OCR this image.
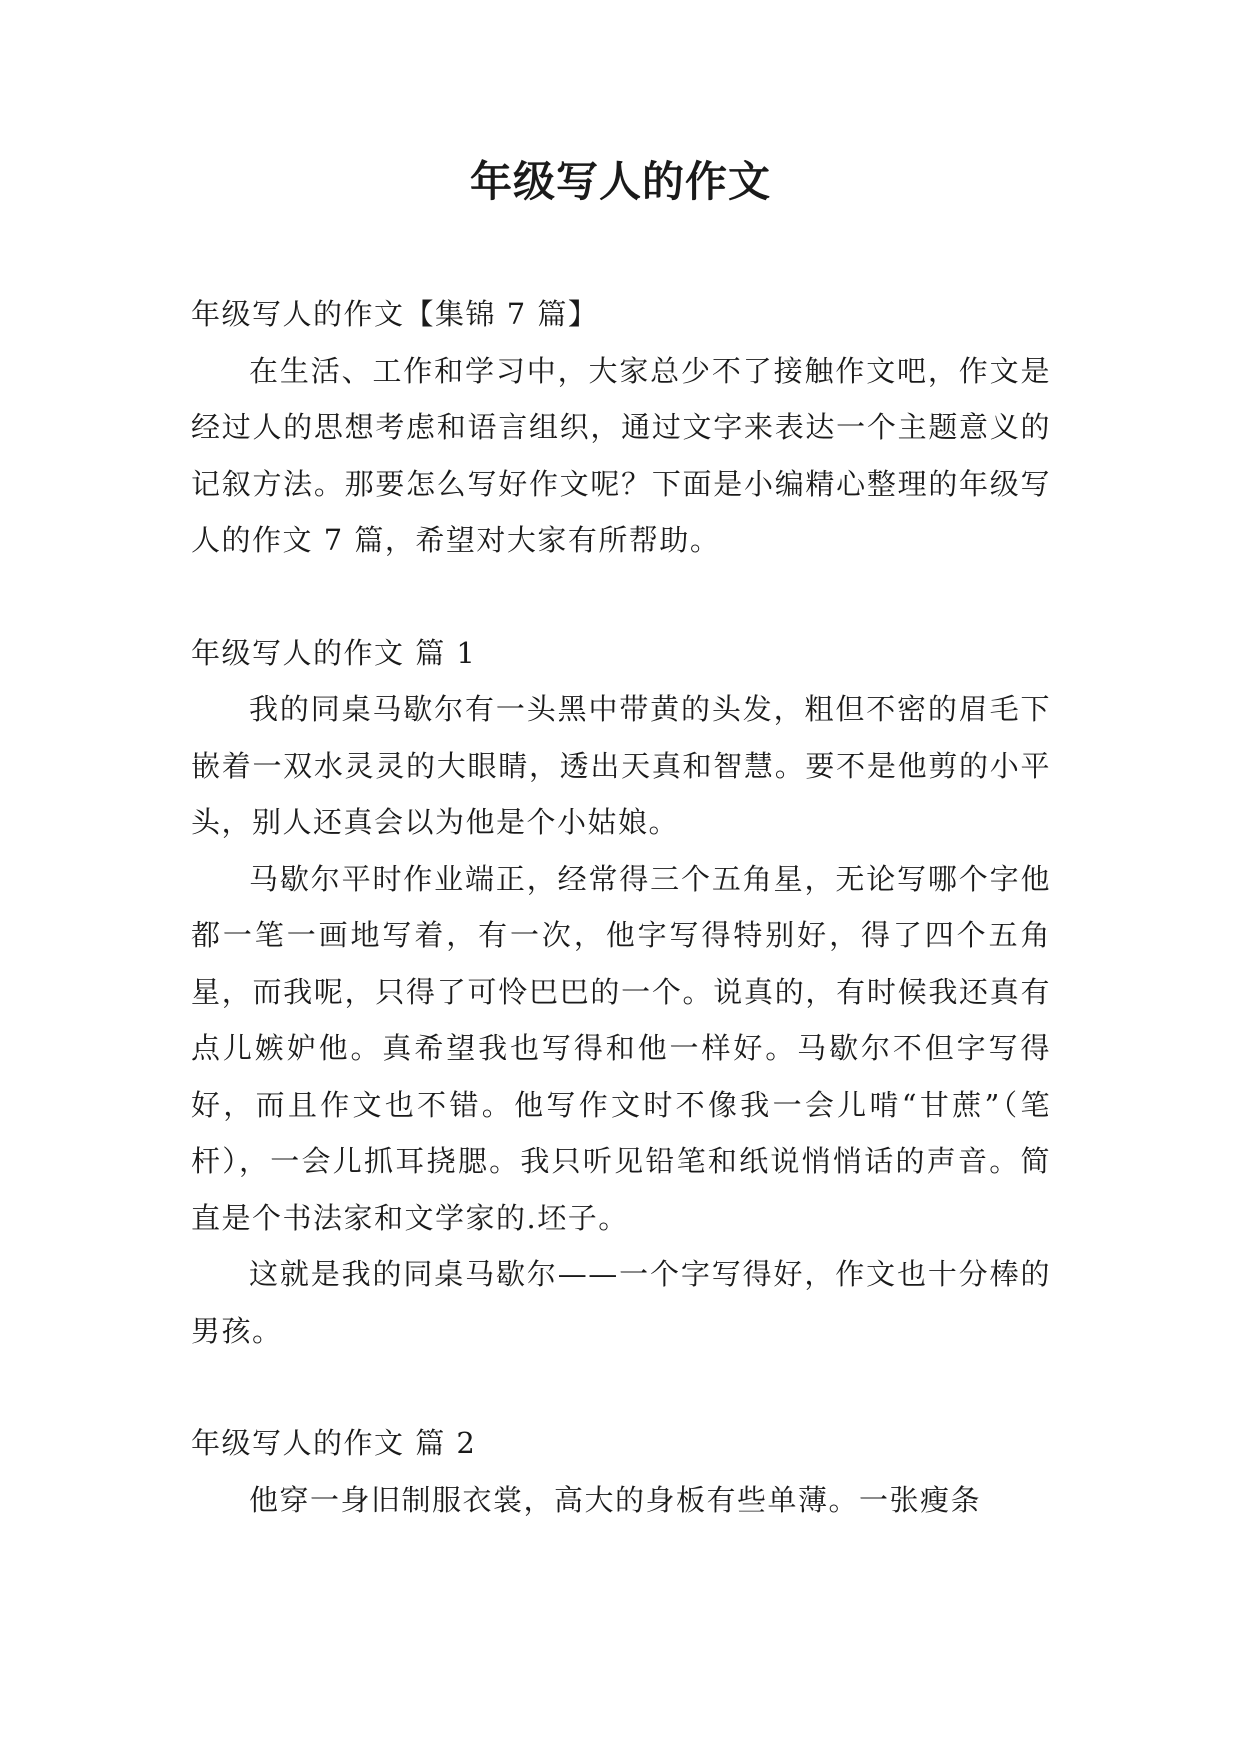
年级写人的作文

年级写人的作文【集锦 7 篇】

在生活、工作和学习中，大家总少不了接触作文吧，作文是经过人的思想考虑和语言组织，通过文字来表达一个主题意义的记叙方法。那要怎么写好作文呢？下面是小编精心整理的年级写人的作文 7 篇，希望对大家有所帮助。

年级写人的作文 篇 1

我的同桌马歇尔有一头黑中带黄的头发，粗但不密的眉毛下嵌着一双水灵灵的大眼睛，透出天真和智慧。要不是他剪的小平头，别人还真会以为他是个小姑娘。

马歇尔平时作业端正，经常得三个五角星，无论写哪个字他都一笔一画地写着，有一次，他字写得特别好，得了四个五角星，而我呢，只得了可怜巴巴的一个。说真的，有时候我还真有点儿嫉妒他。真希望我也写得和他一样好。马歇尔不但字写得好，而且作文也不错。他写作文时不像我一会儿啃“甘蔗”（笔杆），一会儿抓耳挠腮。我只听见铅笔和纸说悄悄话的声音。简直是个书法家和文学家的.坯子。

这就是我的同桌马歇尔——一个字写得好，作文也十分棒的男孩。

年级写人的作文 篇 2

他穿一身旧制服衣裳，高大的身板有些单薄。一张瘦条
